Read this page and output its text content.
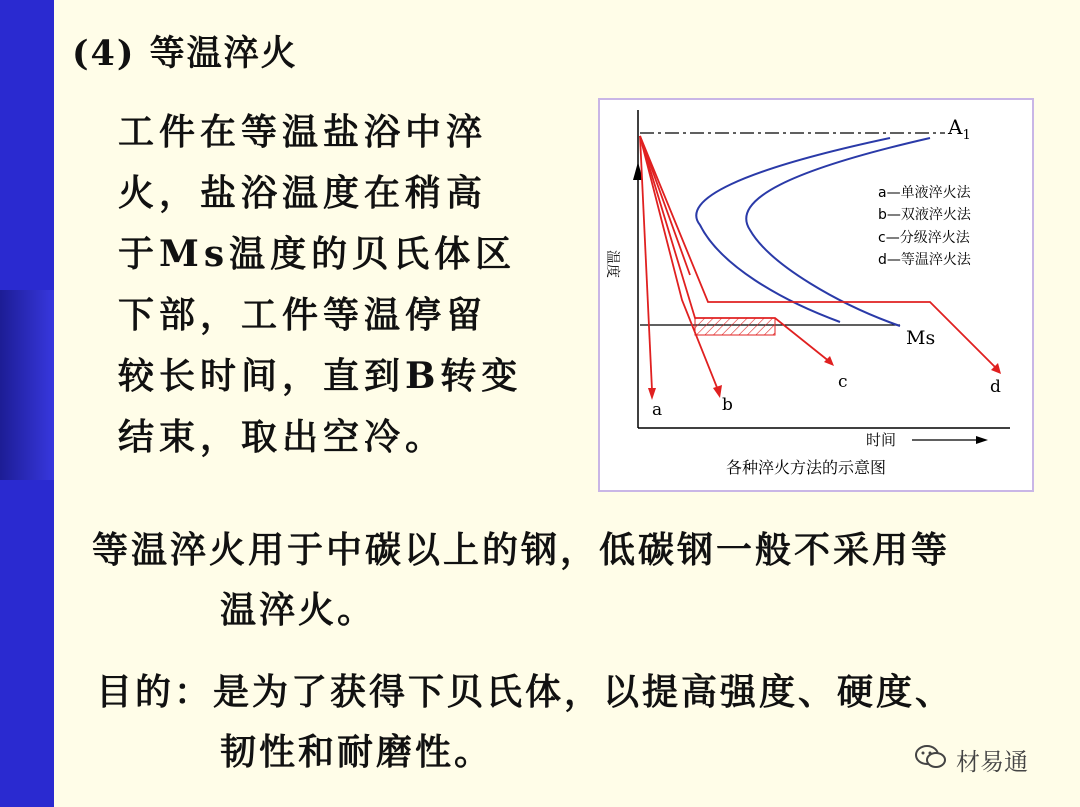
(4) 等温淬火
工件在等温盐浴中淬
火，盐浴温度在稍高
于Ms温度的贝氏体区
下部，工件等温停留
较长时间，直到B转变
结束，取出空冷。
温度
$A_1$
Ms
a	b
c	d
a—单液淬火法
b—双液淬火法
c—分级淬火法
d—等温淬火法
时间
各种淬火方法的示意图
等温淬火用于中碳以上的钢，低碳钢一般不采用等
温淬火。
目的：是为了获得下贝氏体，以提高强度、硬度、
韧性和耐磨性。	材易通
